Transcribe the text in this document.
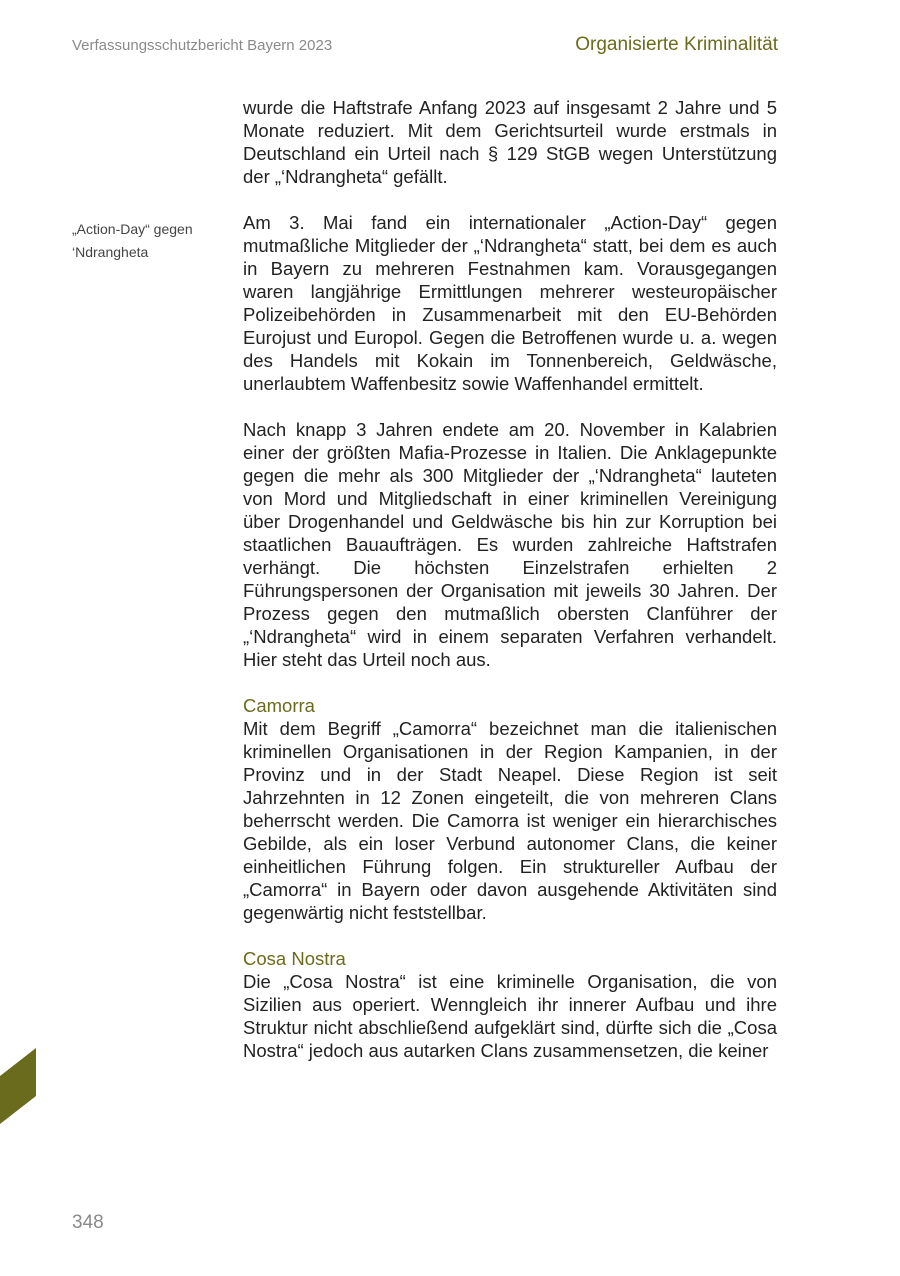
Verfassungsschutzbericht Bayern 2023	Organisierte Kriminalität
„Action-Day“ gegen ‘Ndrangheta

wurde die Haftstrafe Anfang 2023 auf insgesamt 2 Jahre und 5 Monate reduziert. Mit dem Gerichtsurteil wurde erstmals in Deutschland ein Urteil nach § 129 StGB wegen Unterstützung der „‘Ndrangheta“ gefällt.

Am 3. Mai fand ein internationaler „Action-Day“ gegen mutmaßliche Mitglieder der „‘Ndrangheta“ statt, bei dem es auch in Bayern zu mehreren Festnahmen kam. Vorausgegangen waren langjährige Ermittlungen mehrerer westeuropäischer Polizeibehörden in Zusammenarbeit mit den EU-Behörden Eurojust und Europol. Gegen die Betroffenen wurde u. a. wegen des Handels mit Kokain im Tonnenbereich, Geldwäsche, unerlaubtem Waffenbesitz sowie Waffenhandel ermittelt.

Nach knapp 3 Jahren endete am 20. November in Kalabrien einer der größten Mafia-Prozesse in Italien. Die Anklagepunkte gegen die mehr als 300 Mitglieder der „‘Ndrangheta“ lauteten von Mord und Mitgliedschaft in einer kriminellen Vereinigung über Drogenhandel und Geldwäsche bis hin zur Korruption bei staatlichen Bauaufträgen. Es wurden zahlreiche Haftstrafen verhängt. Die höchsten Einzelstrafen erhielten 2 Führungspersonen der Organisation mit jeweils 30 Jahren. Der Prozess gegen den mutmaßlich obersten Clanführer der „‘Ndrangheta“ wird in einem separaten Verfahren verhandelt. Hier steht das Urteil noch aus.

Camorra

Mit dem Begriff „Camorra“ bezeichnet man die italienischen kriminellen Organisationen in der Region Kampanien, in der Provinz und in der Stadt Neapel. Diese Region ist seit Jahrzehnten in 12 Zonen eingeteilt, die von mehreren Clans beherrscht werden. Die Camorra ist weniger ein hierarchisches Gebilde, als ein loser Verbund autonomer Clans, die keiner einheitlichen Führung folgen. Ein struktureller Aufbau der „Camorra“ in Bayern oder davon ausgehende Aktivitäten sind gegenwärtig nicht feststellbar.

Cosa Nostra

Die „Cosa Nostra“ ist eine kriminelle Organisation, die von Sizilien aus operiert. Wenngleich ihr innerer Aufbau und ihre Struktur nicht abschließend aufgeklärt sind, dürfte sich die „Cosa Nostra“ jedoch aus autarken Clans zusammensetzen, die keiner

348
